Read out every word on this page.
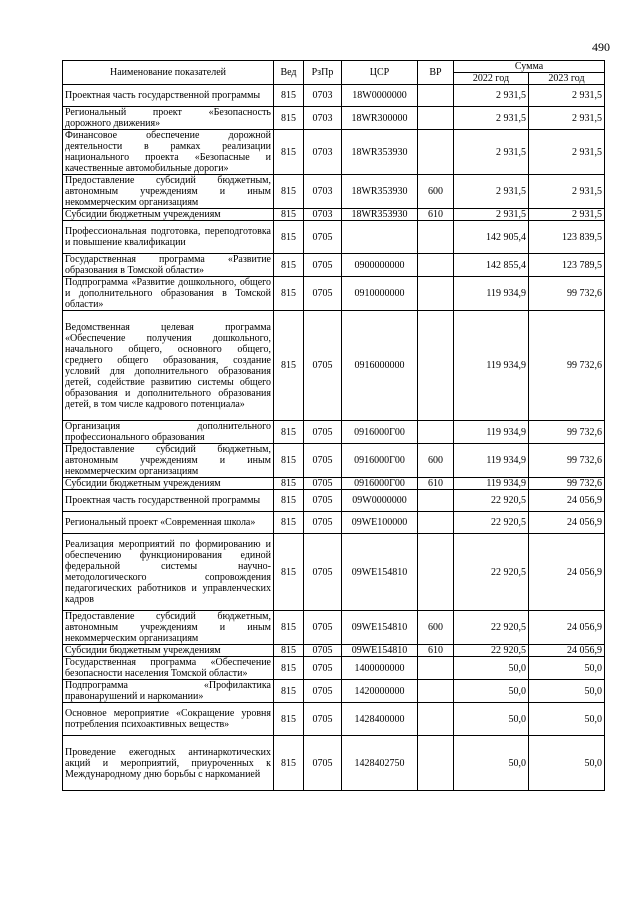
490
Наименование показателей	Вед	РзПр	ЦСР	ВР	Сумма	
					2022 год	2023 год
Проектная часть государственной программы	815	0703	18W0000000		2 931,5	2 931,5
Региональный проект «Безопасность дорожного движения»	815	0703	18WR300000		2 931,5	2 931,5
Финансовое обеспечение дорожной деятельности в рамках реализации национального проекта «Безопасные и качественные автомобильные дороги»	815	0703	18WR353930		2 931,5	2 931,5
Предоставление субсидий бюджетным, автономным учреждениям и иным некоммерческим организациям	815	0703	18WR353930	600	2 931,5	2 931,5
Субсидии бюджетным учреждениям	815	0703	18WR353930	610	2 931,5	2 931,5
Профессиональная подготовка, переподготовка и повышение квалификации	815	0705			142 905,4	123 839,5
Государственная программа «Развитие образования в Томской области»	815	0705	0900000000		142 855,4	123 789,5
Подпрограмма «Развитие дошкольного, общего и дополнительного образования в Томской области»	815	0705	0910000000		119 934,9	99 732,6
Ведомственная целевая программа «Обеспечение получения дошкольного, начального общего, основного общего, среднего общего образования, создание условий для дополнительного образования детей, содействие развитию системы общего образования и дополнительного образования детей, в том числе кадрового потенциала»	815	0705	0916000000		119 934,9	99 732,6
Организация дополнительного профессионального образования	815	0705	0916000Г00		119 934,9	99 732,6
Предоставление субсидий бюджетным, автономным учреждениям и иным некоммерческим организациям	815	0705	0916000Г00	600	119 934,9	99 732,6
Субсидии бюджетным учреждениям	815	0705	0916000Г00	610	119 934,9	99 732,6
Проектная часть государственной программы	815	0705	09W0000000		22 920,5	24 056,9
Региональный проект «Современная школа»	815	0705	09WE100000		22 920,5	24 056,9
Реализация мероприятий по формированию и обеспечению функционирования единой федеральной системы научно-методологического сопровождения педагогических работников и управленческих кадров	815	0705	09WE154810		22 920,5	24 056,9
Предоставление субсидий бюджетным, автономным учреждениям и иным некоммерческим организациям	815	0705	09WE154810	600	22 920,5	24 056,9
Субсидии бюджетным учреждениям	815	0705	09WE154810	610	22 920,5	24 056,9
Государственная программа «Обеспечение безопасности населения Томской области»	815	0705	1400000000		50,0	50,0
Подпрограмма «Профилактика правонарушений и наркомании»	815	0705	1420000000		50,0	50,0
Основное мероприятие «Сокращение уровня потребления психоактивных веществ»	815	0705	1428400000		50,0	50,0
Проведение ежегодных антинаркотических акций и мероприятий, приуроченных к Международному дню борьбы с наркоманией	815	0705	1428402750		50,0	50,0
